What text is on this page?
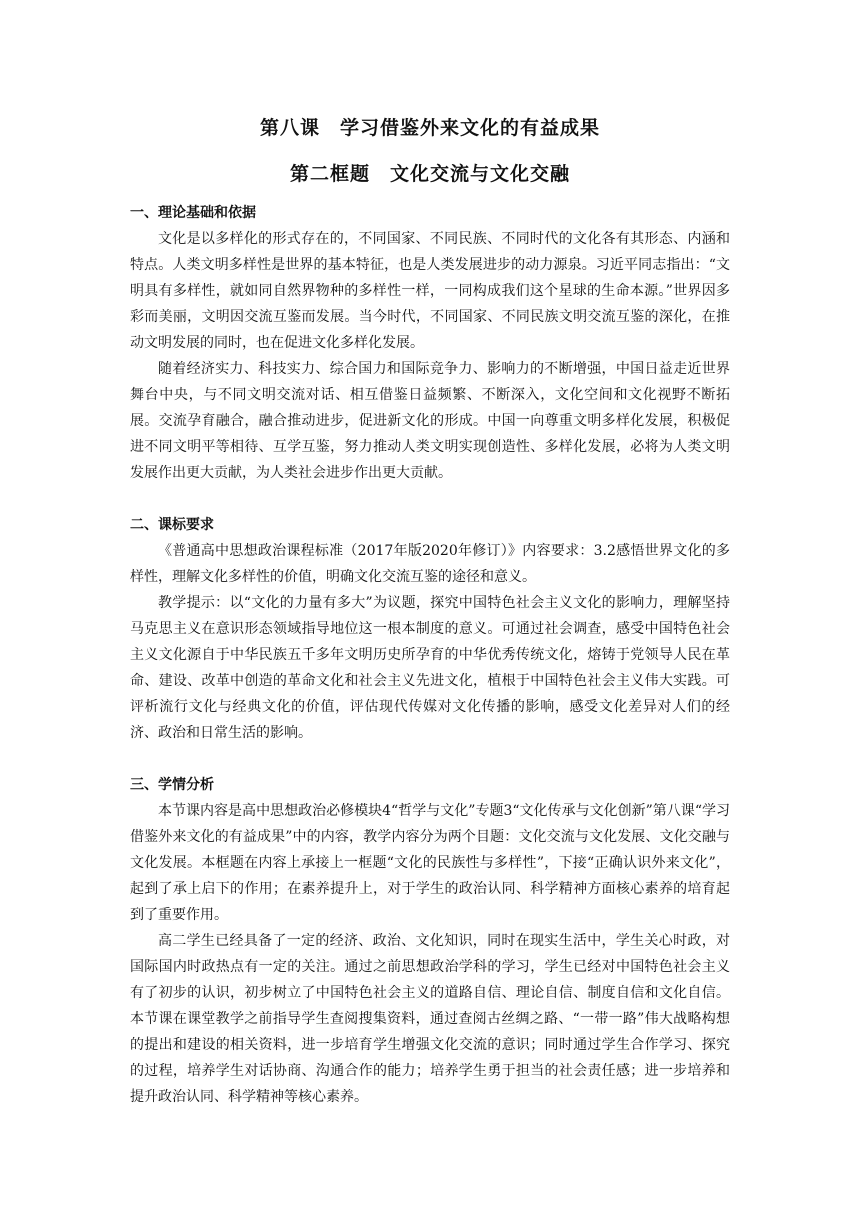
第八课 学习借鉴外来文化的有益成果
第二框题 文化交流与文化交融

一、理论基础和依据

文化是以多样化的形式存在的，不同国家、不同民族、不同时代的文化各有其形态、内涵和特点。人类文明多样性是世界的基本特征，也是人类发展进步的动力源泉。习近平同志指出：“文明具有多样性，就如同自然界物种的多样性一样，一同构成我们这个星球的生命本源。”世界因多彩而美丽，文明因交流互鉴而发展。当今时代，不同国家、不同民族文明交流互鉴的深化，在推动文明发展的同时，也在促进文化多样化发展。

随着经济实力、科技实力、综合国力和国际竞争力、影响力的不断增强，中国日益走近世界舞台中央，与不同文明交流对话、相互借鉴日益频繁、不断深入，文化空间和文化视野不断拓展。交流孕育融合，融合推动进步，促进新文化的形成。中国一向尊重文明多样化发展，积极促进不同文明平等相待、互学互鉴，努力推动人类文明实现创造性、多样化发展，必将为人类文明发展作出更大贡献，为人类社会进步作出更大贡献。

二、课标要求

《普通高中思想政治课程标准（2017年版2020年修订）》内容要求：3.2感悟世界文化的多样性，理解文化多样性的价值，明确文化交流互鉴的途径和意义。

教学提示：以“文化的力量有多大”为议题，探究中国特色社会主义文化的影响力，理解坚持马克思主义在意识形态领域指导地位这一根本制度的意义。可通过社会调查，感受中国特色社会主义文化源自于中华民族五千多年文明历史所孕育的中华优秀传统文化，熔铸于党领导人民在革命、建设、改革中创造的革命文化和社会主义先进文化，植根于中国特色社会主义伟大实践。可评析流行文化与经典文化的价值，评估现代传媒对文化传播的影响，感受文化差异对人们的经济、政治和日常生活的影响。

三、学情分析

本节课内容是高中思想政治必修模块4“哲学与文化”专题3“文化传承与文化创新”第八课“学习借鉴外来文化的有益成果”中的内容，教学内容分为两个目题：文化交流与文化发展、文化交融与文化发展。本框题在内容上承接上一框题“文化的民族性与多样性”，下接“正确认识外来文化”，起到了承上启下的作用；在素养提升上，对于学生的政治认同、科学精神方面核心素养的培育起到了重要作用。

高二学生已经具备了一定的经济、政治、文化知识，同时在现实生活中，学生关心时政，对国际国内时政热点有一定的关注。通过之前思想政治学科的学习，学生已经对中国特色社会主义有了初步的认识，初步树立了中国特色社会主义的道路自信、理论自信、制度自信和文化自信。本节课在课堂教学之前指导学生查阅搜集资料，通过查阅古丝绸之路、“一带一路”伟大战略构想的提出和建设的相关资料，进一步培育学生增强文化交流的意识；同时通过学生合作学习、探究的过程，培养学生对话协商、沟通合作的能力；培养学生勇于担当的社会责任感；进一步培养和提升政治认同、科学精神等核心素养。
